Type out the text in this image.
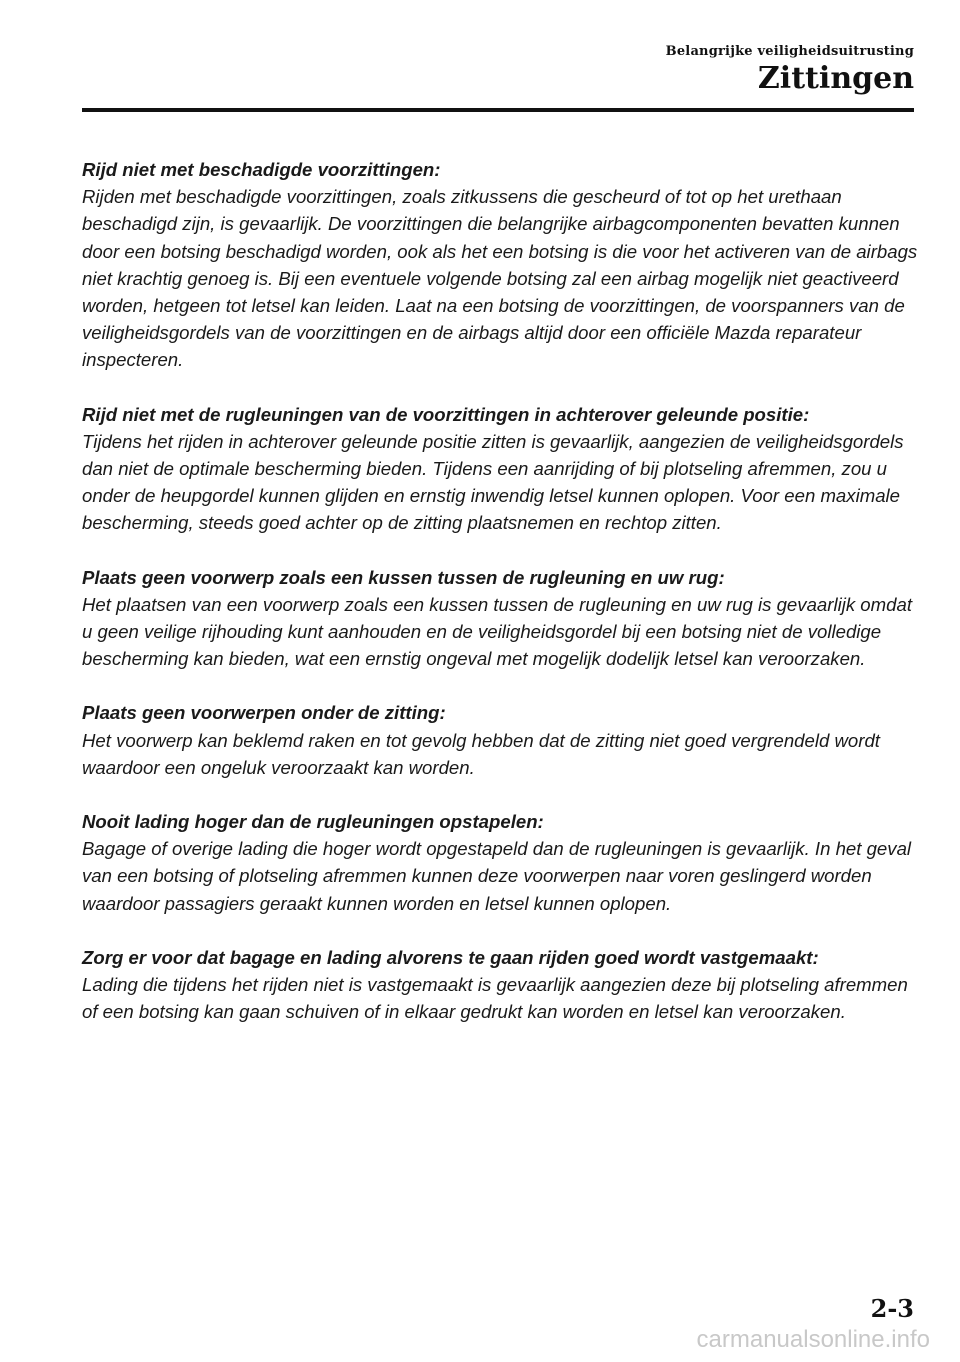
Belangrijke veiligheidsuitrusting
Zittingen
Rijd niet met beschadigde voorzittingen:
Rijden met beschadigde voorzittingen, zoals zitkussens die gescheurd of tot op het urethaan beschadigd zijn, is gevaarlijk. De voorzittingen die belangrijke airbagcomponenten bevatten kunnen door een botsing beschadigd worden, ook als het een botsing is die voor het activeren van de airbags niet krachtig genoeg is. Bij een eventuele volgende botsing zal een airbag mogelijk niet geactiveerd worden, hetgeen tot letsel kan leiden. Laat na een botsing de voorzittingen, de voorspanners van de veiligheidsgordels van de voorzittingen en de airbags altijd door een officiële Mazda reparateur inspecteren.
Rijd niet met de rugleuningen van de voorzittingen in achterover geleunde positie:
Tijdens het rijden in achterover geleunde positie zitten is gevaarlijk, aangezien de veiligheidsgordels dan niet de optimale bescherming bieden. Tijdens een aanrijding of bij plotseling afremmen, zou u onder de heupgordel kunnen glijden en ernstig inwendig letsel kunnen oplopen. Voor een maximale bescherming, steeds goed achter op de zitting plaatsnemen en rechtop zitten.
Plaats geen voorwerp zoals een kussen tussen de rugleuning en uw rug:
Het plaatsen van een voorwerp zoals een kussen tussen de rugleuning en uw rug is gevaarlijk omdat u geen veilige rijhouding kunt aanhouden en de veiligheidsgordel bij een botsing niet de volledige bescherming kan bieden, wat een ernstig ongeval met mogelijk dodelijk letsel kan veroorzaken.
Plaats geen voorwerpen onder de zitting:
Het voorwerp kan beklemd raken en tot gevolg hebben dat de zitting niet goed vergrendeld wordt waardoor een ongeluk veroorzaakt kan worden.
Nooit lading hoger dan de rugleuningen opstapelen:
Bagage of overige lading die hoger wordt opgestapeld dan de rugleuningen is gevaarlijk. In het geval van een botsing of plotseling afremmen kunnen deze voorwerpen naar voren geslingerd worden waardoor passagiers geraakt kunnen worden en letsel kunnen oplopen.
Zorg er voor dat bagage en lading alvorens te gaan rijden goed wordt vastgemaakt:
Lading die tijdens het rijden niet is vastgemaakt is gevaarlijk aangezien deze bij plotseling afremmen of een botsing kan gaan schuiven of in elkaar gedrukt kan worden en letsel kan veroorzaken.
2-3
carmanualsonline.info
